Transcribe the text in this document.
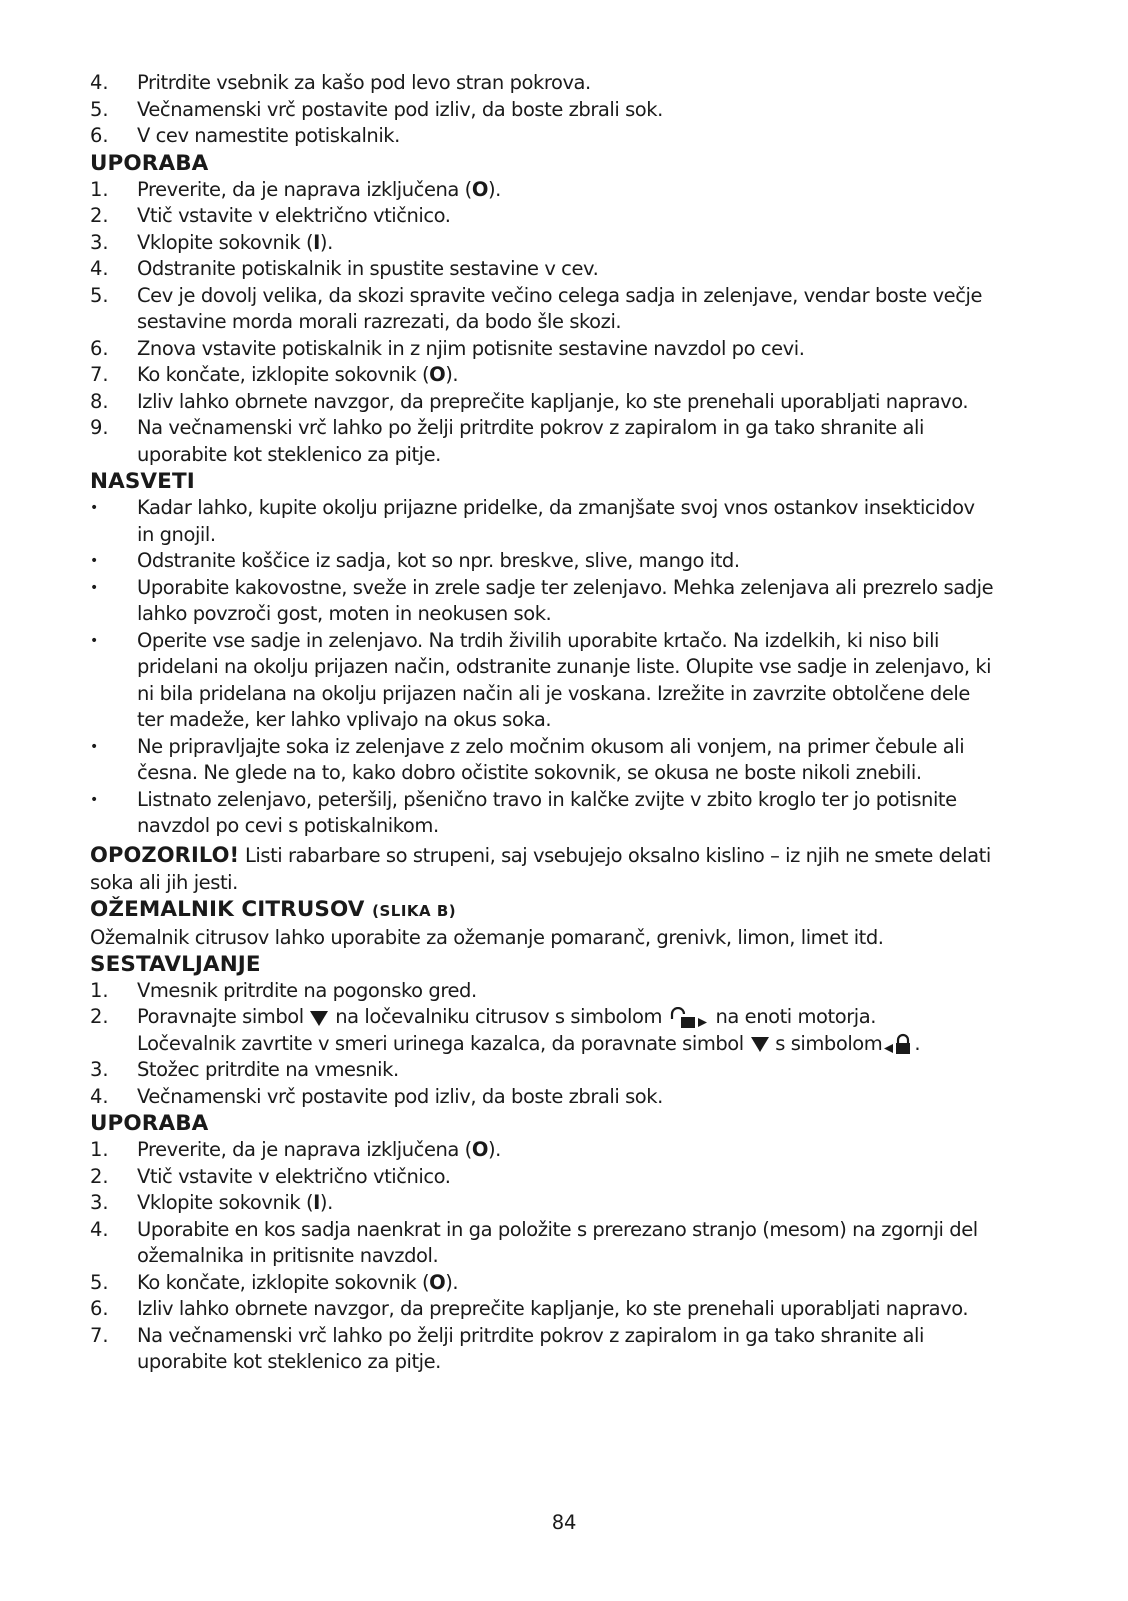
4.	Pritrdite vsebnik za kašo pod levo stran pokrova.
5.	Večnamenski vrč postavite pod izliv, da boste zbrali sok.
6.	V cev namestite potiskalnik.
UPORABA
1.	Preverite, da je naprava izključena (O).
2.	Vtič vstavite v električno vtičnico.
3.	Vklopite sokovnik (I).
4.	Odstranite potiskalnik in spustite sestavine v cev.
5.	Cev je dovolj velika, da skozi spravite večino celega sadja in zelenjave, vendar boste večje
sestavine morda morali razrezati, da bodo šle skozi.
6.	Znova vstavite potiskalnik in z njim potisnite sestavine navzdol po cevi.
7.	Ko končate, izklopite sokovnik (O).
8.	Izliv lahko obrnete navzgor, da preprečite kapljanje, ko ste prenehali uporabljati napravo.
9.	Na večnamenski vrč lahko po želji pritrdite pokrov z zapiralom in ga tako shranite ali
uporabite kot steklenico za pitje.
NASVETI
•	Kadar lahko, kupite okolju prijazne pridelke, da zmanjšate svoj vnos ostankov insekticidov
in gnojil.
•	Odstranite koščice iz sadja, kot so npr. breskve, slive, mango itd.
•	Uporabite kakovostne, sveže in zrele sadje ter zelenjavo. Mehka zelenjava ali prezrelo sadje
lahko povzroči gost, moten in neokusen sok.
•	Operite vse sadje in zelenjavo. Na trdih živilih uporabite krtačo. Na izdelkih, ki niso bili
pridelani na okolju prijazen način, odstranite zunanje liste. Olupite vse sadje in zelenjavo, ki
ni bila pridelana na okolju prijazen način ali je voskana. Izrežite in zavrzite obtolčene dele
ter madeže, ker lahko vplivajo na okus soka.
•	Ne pripravljajte soka iz zelenjave z zelo močnim okusom ali vonjem, na primer čebule ali
česna. Ne glede na to, kako dobro očistite sokovnik, se okusa ne boste nikoli znebili.
•	Listnato zelenjavo, peteršilj, pšenično travo in kalčke zvijte v zbito kroglo ter jo potisnite
navzdol po cevi s potiskalnikom.
OPOZORILO! Listi rabarbare so strupeni, saj vsebujejo oksalno kislino – iz njih ne smete delati
soka ali jih jesti.
OŽEMALNIK CITRUSOV (SLIKA B)
Ožemalnik citrusov lahko uporabite za ožemanje pomaranč, grenivk, limon, limet itd.
SESTAVLJANJE
1.	Vmesnik pritrdite na pogonsko gred.
2.	Poravnajte simbol na ločevalniku citrusov s simbolom	na enoti motorja.
Ločevalnik zavrtite v smeri urinega kazalca, da poravnate simbol s simbolom .
3.	Stožec pritrdite na vmesnik.
4.	Večnamenski vrč postavite pod izliv, da boste zbrali sok.
UPORABA
1.	Preverite, da je naprava izključena (O).
2.	Vtič vstavite v električno vtičnico.
3.	Vklopite sokovnik (I).
4.	Uporabite en kos sadja naenkrat in ga položite s prerezano stranjo (mesom) na zgornji del
ožemalnika in pritisnite navzdol.
5.	Ko končate, izklopite sokovnik (O).
6.	Izliv lahko obrnete navzgor, da preprečite kapljanje, ko ste prenehali uporabljati napravo.
7.	Na večnamenski vrč lahko po želji pritrdite pokrov z zapiralom in ga tako shranite ali
uporabite kot steklenico za pitje.
84
